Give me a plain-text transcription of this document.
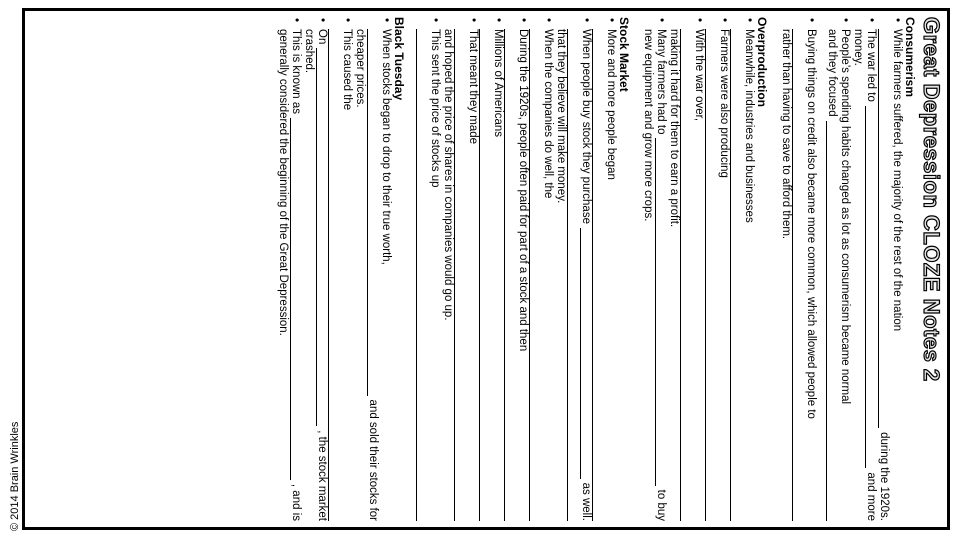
© 2014 Brain Wrinkles
Great Depression CLOZE Notes 2
Consumerism
• While farmers suffered, the majority of the rest of the nation
during the 1920s.
• The war led to
and more
money.
• People’s spending habits changed as lot as consumerism became normal
and they focused
• Buying things on credit also became more common, which allowed people to
rather than having to save to afford them.
Overproduction
• Meanwhile, industries and businesses
• Farmers were also producing
• With the war over,
making it hard for them to earn a profit.
• Many farmers had to
to buy
new equipment and grow more crops.
Stock Market
• More and more people began
• When people buy stock they purchase
as well.
that they believe will make money.
• When the companies do well, the
• During the 1920s, people often paid for part of a stock and then
• Millions of Americans
• That meant they made
and hoped the price of shares in companies would go up.
• This sent the price of stocks up
Black Tuesday
• When stocks began to drop to their true worth,
and sold their stocks for
cheaper prices.
• This caused the
• On
, the stock market
crashed.
• This is known as
, and is
generally considered the beginning of the Great Depression.
